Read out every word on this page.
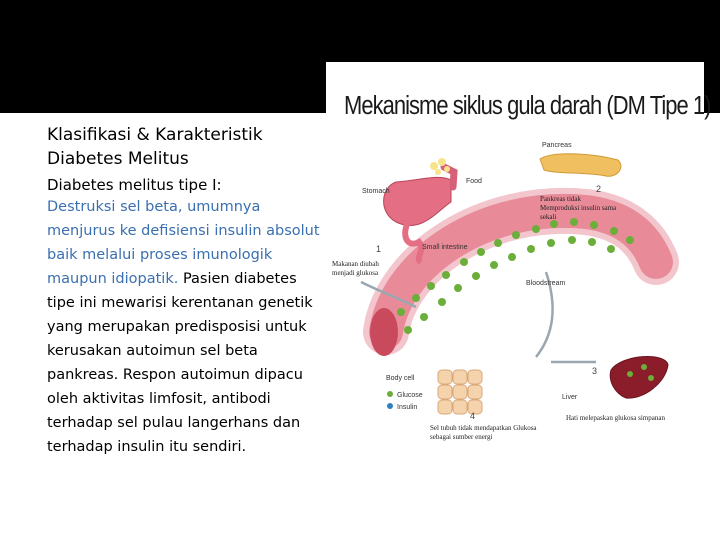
Klasifikasi & Karakteristik Diabetes Melitus

Diabetes melitus tipe I:

Destruksi sel beta, umumnya menjurus ke defisiensi insulin absolut baik melalui proses imunologik maupun idiopatik. Pasien diabetes tipe ini mewarisi kerentanan genetik yang merupakan predisposisi untuk kerusakan autoimun sel beta pankreas. Respon autoimun dipacu oleh aktivitas limfosit, antibodi terhadap sel pulau langerhans dan terhadap insulin itu sendiri.

Mekanisme siklus gula darah (DM Tipe 1)
Stomach
Food
Pancreas
Small intestine
Bloodstream
Body cell
Liver
1
2
3
4
Pankreas tidak Memproduksi insulin sama sekali
Makanan diubah menjadi glukosa
Hati melepaskan glukosa simpanan
Sel tubuh tidak mendapatkan Glukosa sebagai sumber energi
Glucose
Insulin
